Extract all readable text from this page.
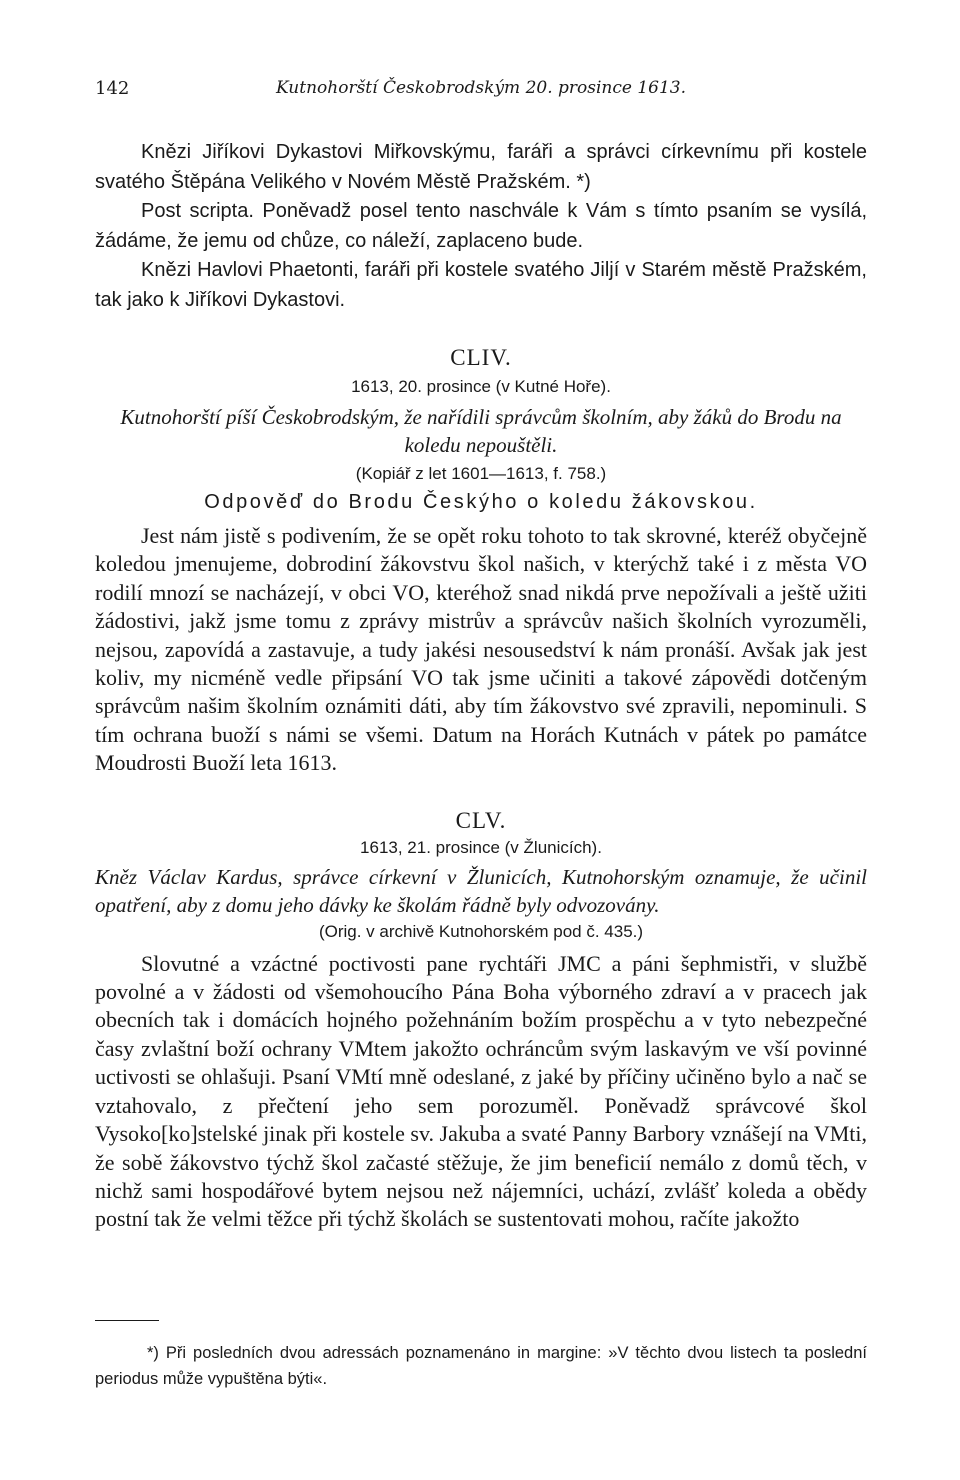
142	Kutnohorští Českobrodským 20. prosince 1613.

Knězi Jiříkovi Dykastovi Miřkovskýmu, faráři a správci církevnímu při kostele svatého Štěpána Velikého v Novém Městě Pražském. *)

Post scripta. Poněvadž posel tento naschvále k Vám s tímto psaním se vysílá, žádáme, že jemu od chůze, co náleží, zaplaceno bude.

Knězi Havlovi Phaetonti, faráři při kostele svatého Jiljí v Starém městě Pražském, tak jako k Jiříkovi Dykastovi.

CLIV.
1613, 20. prosince (v Kutné Hoře).

Kutnohorští píší Českobrodským, že nařídili správcům školním, aby žáků do Brodu na koledu nepouštěli.

(Kopiář z let 1601—1613, f. 758.)
Odpověď do Brodu Českýho o koledu žákovskou.

Jest nám jistě s podivením, že se opět roku tohoto to tak skrovné, kteréž obyčejně koledou jmenujeme, dobrodiní žákovstvu škol našich, v kterýchž také i z města VO rodilí mnozí se nacházejí, v obci VO, kteréhož snad nikdá prve nepožívali a ještě užiti žádostivi, jakž jsme tomu z zprávy mistrův a správcův našich školních vyrozuměli, nejsou, zapovídá a zastavuje, a tudy jakési nesousedství k nám pronáší. Avšak jak jest koliv, my nicméně vedle připsání VO tak jsme učiniti a takové zápovědi dotčeným správcům našim školním oznámiti dáti, aby tím žákovstvo své zpravili, nepominuli. S tím ochrana buoží s námi se všemi. Datum na Horách Kutnách v pátek po památce Moudrosti Buoží leta 1613.

CLV.
1613, 21. prosince (v Žlunicích).

Kněz Václav Kardus, správce církevní v Žlunicích, Kutnohorským oznamuje, že učinil opatření, aby z domu jeho dávky ke školám řádně byly odvozovány.

(Orig. v archivě Kutnohorském pod č. 435.)

Slovutné a vzáctné poctivosti pane rychtáři JMC a páni šephmistři, v službě povolné a v žádosti od všemohoucího Pána Boha výborného zdraví a v pracech jak obecních tak i domácích hojného požehnáním božím prospěchu a v tyto nebezpečné časy zvlaštní boží ochrany VMtem jakožto ochráncům svým laskavým ve vší povinné uctivosti se ohlašuji. Psaní VMtí mně odeslané, z jaké by příčiny učiněno bylo a nač se vztahovalo, z přečtení jeho sem porozuměl. Poněvadž správcové škol Vysoko[ko]stelské jinak při kostele sv. Jakuba a svaté Panny Barbory vznášejí na VMti, že sobě žákovstvo týchž škol začasté stěžuje, že jim beneficií nemálo z domů těch, v nichž sami hospodářové bytem nejsou než nájemníci, uchází, zvlášť koleda a obědy postní tak že velmi těžce při týchž školách se sustentovati mohou, račíte jakožto

*) Při posledních dvou adressách poznamenáno in margine: »V těchto dvou listech ta poslední periodus může vypuštěna býti«.
